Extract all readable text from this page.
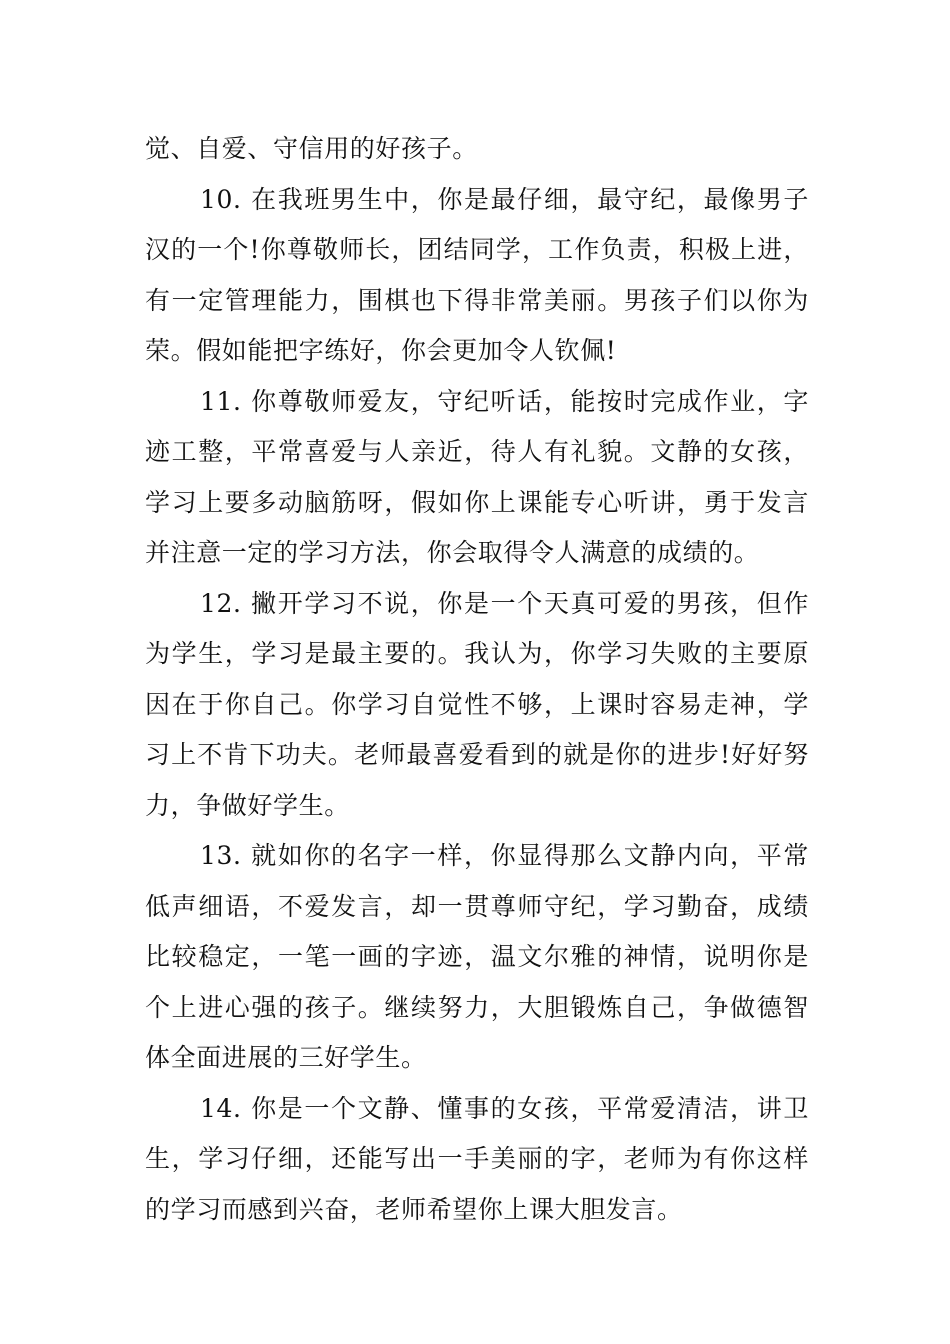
觉、自爱、守信用的好孩子。

10. 在我班男生中，你是最仔细，最守纪，最像男子汉的一个!你尊敬师长，团结同学，工作负责，积极上进，有一定管理能力，围棋也下得非常美丽。男孩子们以你为荣。假如能把字练好，你会更加令人钦佩!

11. 你尊敬师爱友，守纪听话，能按时完成作业，字迹工整，平常喜爱与人亲近，待人有礼貌。文静的女孩，学习上要多动脑筋呀，假如你上课能专心听讲，勇于发言并注意一定的学习方法，你会取得令人满意的成绩的。

12. 撇开学习不说，你是一个天真可爱的男孩，但作为学生，学习是最主要的。我认为，你学习失败的主要原因在于你自己。你学习自觉性不够，上课时容易走神，学习上不肯下功夫。老师最喜爱看到的就是你的进步!好好努力，争做好学生。

13. 就如你的名字一样，你显得那么文静内向，平常低声细语，不爱发言，却一贯尊师守纪，学习勤奋，成绩比较稳定，一笔一画的字迹，温文尔雅的神情，说明你是个上进心强的孩子。继续努力，大胆锻炼自己，争做德智体全面进展的三好学生。

14. 你是一个文静、懂事的女孩，平常爱清洁，讲卫生，学习仔细，还能写出一手美丽的字，老师为有你这样的学习而感到兴奋，老师希望你上课大胆发言。
